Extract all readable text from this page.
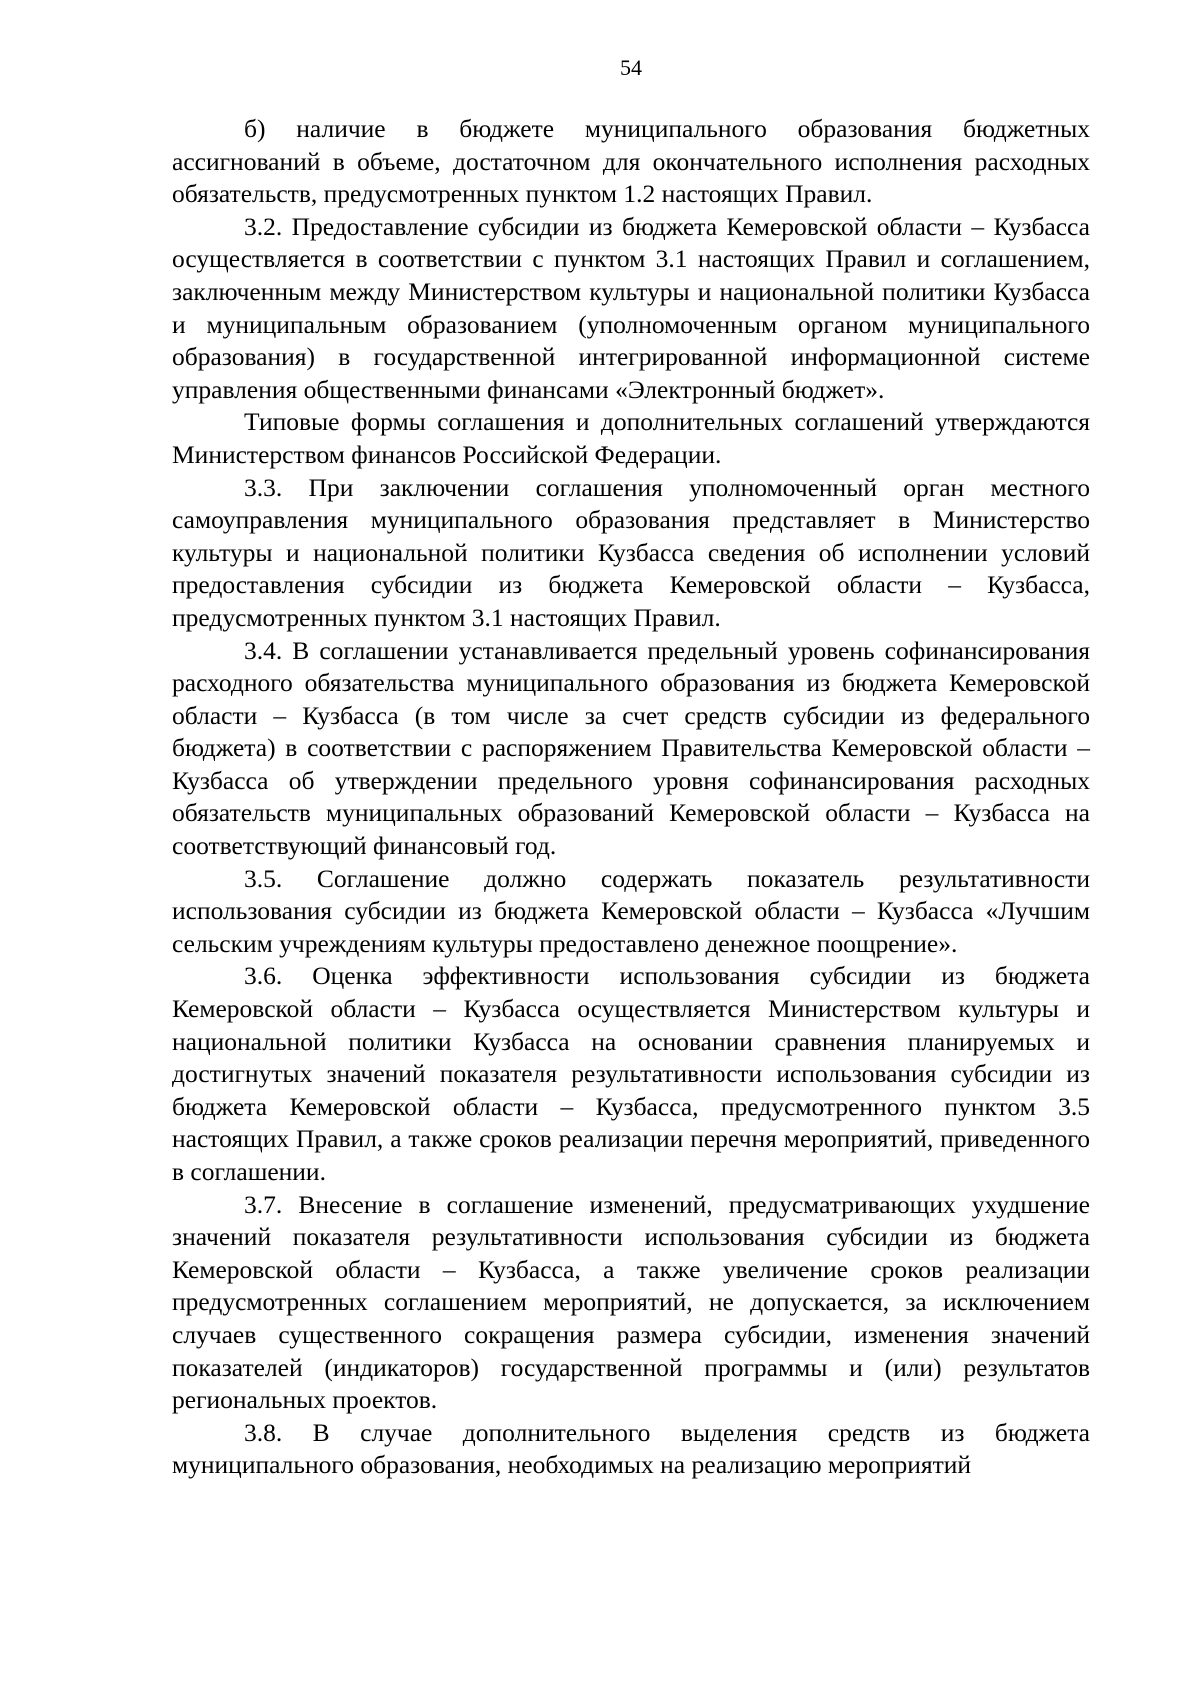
54

б) наличие в бюджете муниципального образования бюджетных ассигнований в объеме, достаточном для окончательного исполнения расходных обязательств, предусмотренных пунктом 1.2 настоящих Правил.

3.2. Предоставление субсидии из бюджета Кемеровской области – Кузбасса осуществляется в соответствии с пунктом 3.1 настоящих Правил и соглашением, заключенным между Министерством культуры и национальной политики Кузбасса и муниципальным образованием (уполномоченным органом муниципального образования) в государственной интегрированной информационной системе управления общественными финансами «Электронный бюджет».

Типовые формы соглашения и дополнительных соглашений утверждаются Министерством финансов Российской Федерации.

3.3. При заключении соглашения уполномоченный орган местного самоуправления муниципального образования представляет в Министерство культуры и национальной политики Кузбасса сведения об исполнении условий предоставления субсидии из бюджета Кемеровской области – Кузбасса, предусмотренных пунктом 3.1 настоящих Правил.

3.4. В соглашении устанавливается предельный уровень софинансирования расходного обязательства муниципального образования из бюджета Кемеровской области – Кузбасса (в том числе за счет средств субсидии из федерального бюджета) в соответствии с распоряжением Правительства Кемеровской области – Кузбасса об утверждении предельного уровня софинансирования расходных обязательств муниципальных образований Кемеровской области – Кузбасса на соответствующий финансовый год.

3.5. Соглашение должно содержать показатель результативности использования субсидии из бюджета Кемеровской области – Кузбасса «Лучшим сельским учреждениям культуры предоставлено денежное поощрение».

3.6. Оценка эффективности использования субсидии из бюджета Кемеровской области – Кузбасса осуществляется Министерством культуры и национальной политики Кузбасса на основании сравнения планируемых и достигнутых значений показателя результативности использования субсидии из бюджета Кемеровской области – Кузбасса, предусмотренного пунктом 3.5 настоящих Правил, а также сроков реализации перечня мероприятий, приведенного в соглашении.

3.7. Внесение в соглашение изменений, предусматривающих ухудшение значений показателя результативности использования субсидии из бюджета Кемеровской области – Кузбасса, а также увеличение сроков реализации предусмотренных соглашением мероприятий, не допускается, за исключением случаев существенного сокращения размера субсидии, изменения значений показателей (индикаторов) государственной программы и (или) результатов региональных проектов.

3.8. В случае дополнительного выделения средств из бюджета муниципального образования, необходимых на реализацию мероприятий
